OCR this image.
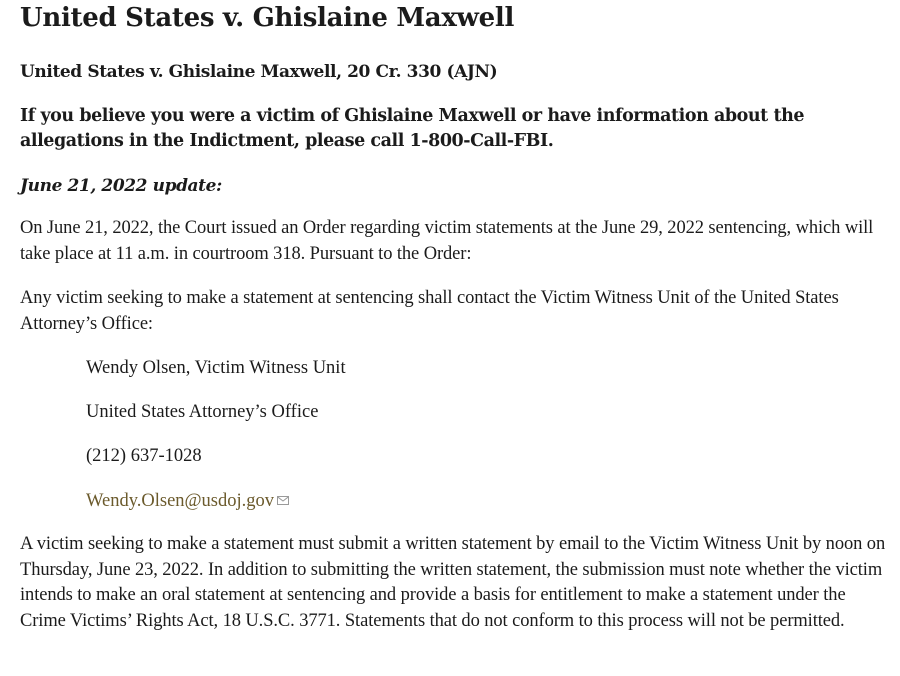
United States v. Ghislaine Maxwell
United States v. Ghislaine Maxwell, 20 Cr. 330 (AJN)
If you believe you were a victim of Ghislaine Maxwell or have information about the allegations in the Indictment, please call 1-800-Call-FBI.
June 21, 2022 update:
On June 21, 2022, the Court issued an Order regarding victim statements at the June 29, 2022 sentencing, which will take place at 11 a.m. in courtroom 318. Pursuant to the Order:
Any victim seeking to make a statement at sentencing shall contact the Victim Witness Unit of the United States Attorney’s Office:
Wendy Olsen, Victim Witness Unit
United States Attorney’s Office
(212) 637-1028
Wendy.Olsen@usdoj.gov
A victim seeking to make a statement must submit a written statement by email to the Victim Witness Unit by noon on Thursday, June 23, 2022. In addition to submitting the written statement, the submission must note whether the victim intends to make an oral statement at sentencing and provide a basis for entitlement to make a statement under the Crime Victims’ Rights Act, 18 U.S.C. 3771. Statements that do not conform to this process will not be permitted.
